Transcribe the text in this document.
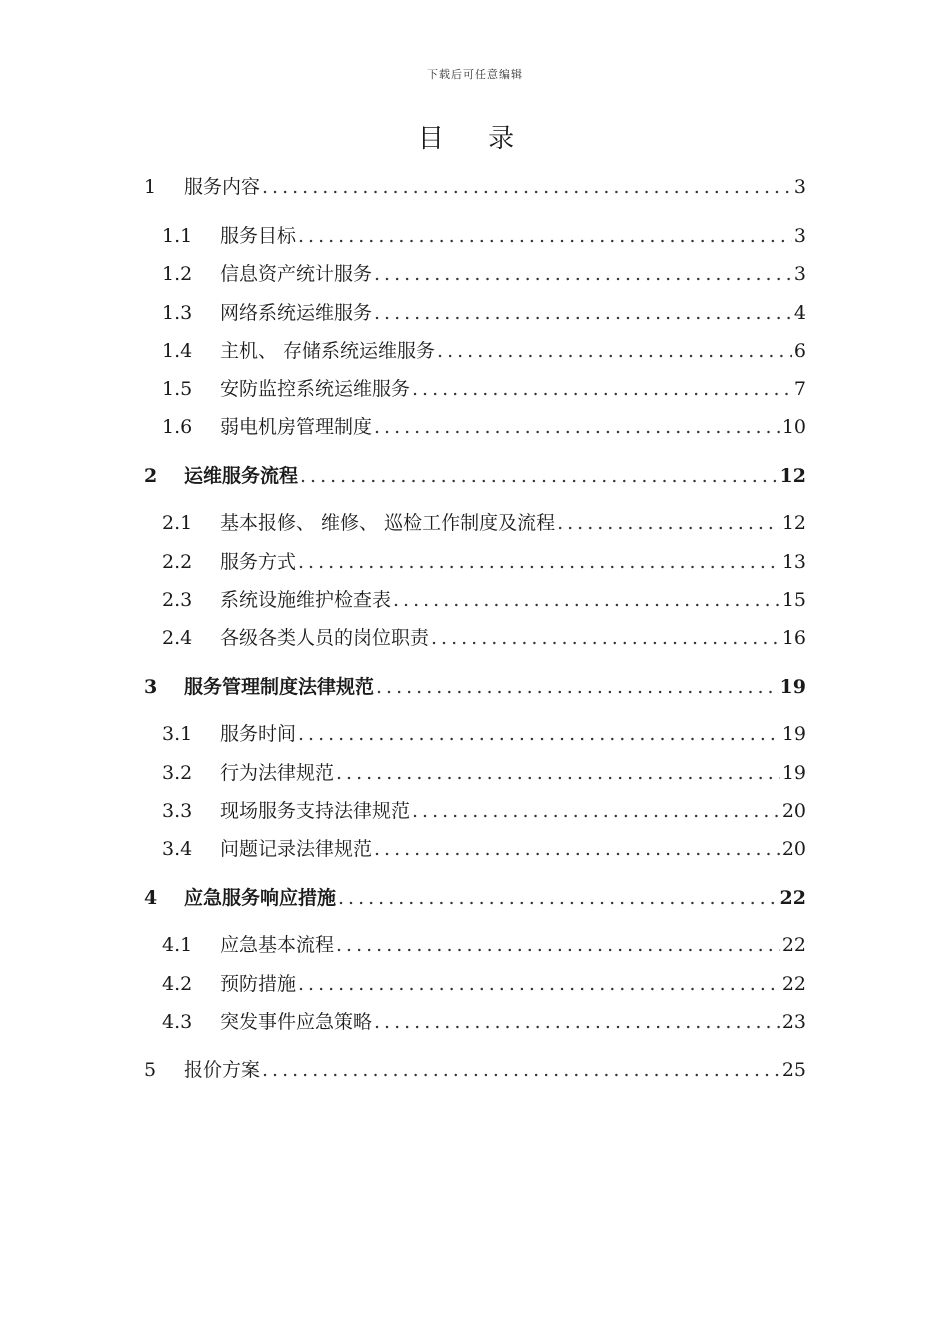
下载后可任意编辑
目 录
1	服务内容 .....	3
1.1	服务目标 .....	3
1.2	信息资产统计服务 .....	3
1.3	网络系统运维服务 .....	4
1.4	主机、 存储系统运维服务 .....	6
1.5	安防监控系统运维服务 .....	7
1.6	弱电机房管理制度 .....	10
2	运维服务流程 .....	12
2.1	基本报修、 维修、 巡检工作制度及流程 .....	12
2.2	服务方式 .....	13
2.3	系统设施维护检查表 .....	15
2.4	各级各类人员的岗位职责 .....	16
3	服务管理制度法律规范 .....	19
3.1	服务时间 .....	19
3.2	行为法律规范 .....	19
3.3	现场服务支持法律规范 .....	20
3.4	问题记录法律规范 .....	20
4	应急服务响应措施 .....	22
4.1	应急基本流程 .....	22
4.2	预防措施 .....	22
4.3	突发事件应急策略 .....	23
5	报价方案 .....	25
